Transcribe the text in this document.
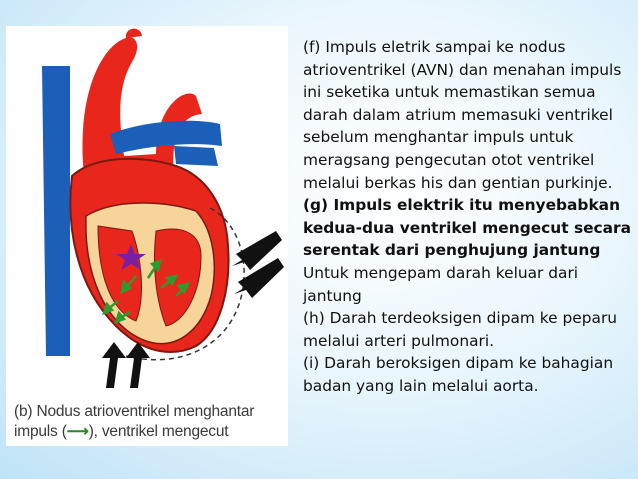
(b) Nodus atrioventrikel menghantar impuls (⟶), ventrikel mengecut

(f) Impuls eletrik sampai ke nodus atrioventrikel (AVN) dan menahan impuls ini seketika untuk memastikan semua darah dalam atrium memasuki ventrikel sebelum menghantar impuls untuk meragsang pengecutan otot ventrikel melalui berkas his dan gentian purkinje.

(g) Impuls elektrik itu menyebabkan kedua-dua ventrikel mengecut secara serentak dari penghujung jantung Untuk mengepam darah keluar dari jantung

(h) Darah terdeoksigen dipam ke peparu melalui arteri pulmonari.

(i) Darah beroksigen dipam ke bahagian badan yang lain melalui aorta.
